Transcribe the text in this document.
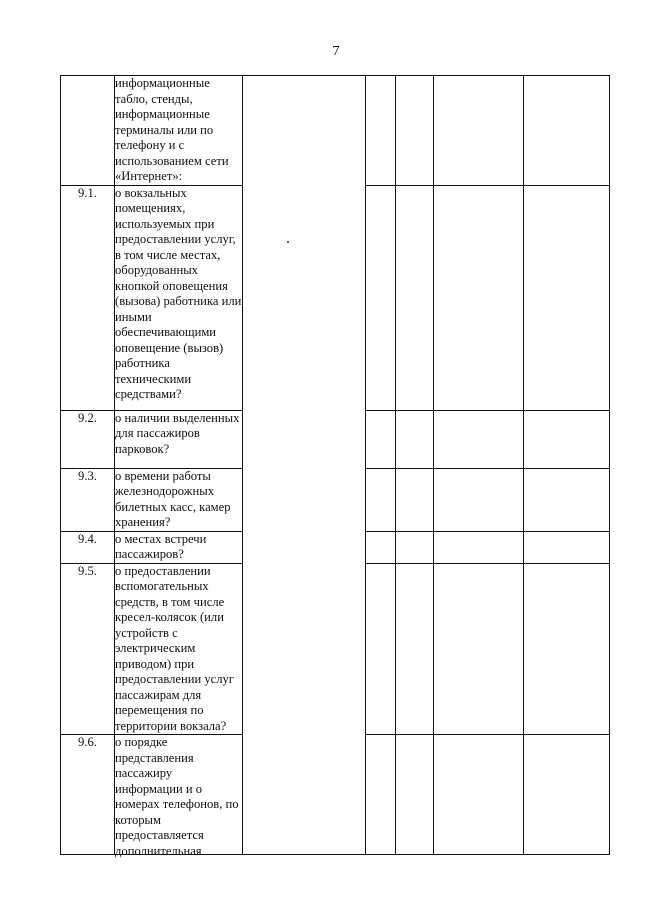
7
	информационные табло, стенды, информационные терминалы или по телефону и с использованием сети «Интернет»:					
9.1.	о вокзальных помещениях, используемых при предоставлении услуг, в том числе местах, оборудованных кнопкой оповещения (вызова) работника или иными обеспечивающими оповещение (вызов) работника техническими средствами?					
9.2.	о наличии выделенных для пассажиров парковок?					
9.3.	о времени работы железнодорожных билетных касс, камер хранения?					
9.4.	о местах встречи пассажиров?					
9.5.	о предоставлении вспомогательных средств, в том числе кресел-колясок (или устройств с электрическим приводом) при предоставлении услуг пассажирам для перемещения по территории вокзала?					
9.6.	о порядке представления пассажиру информации и о номерах телефонов, по которым предоставляется дополнительная					
